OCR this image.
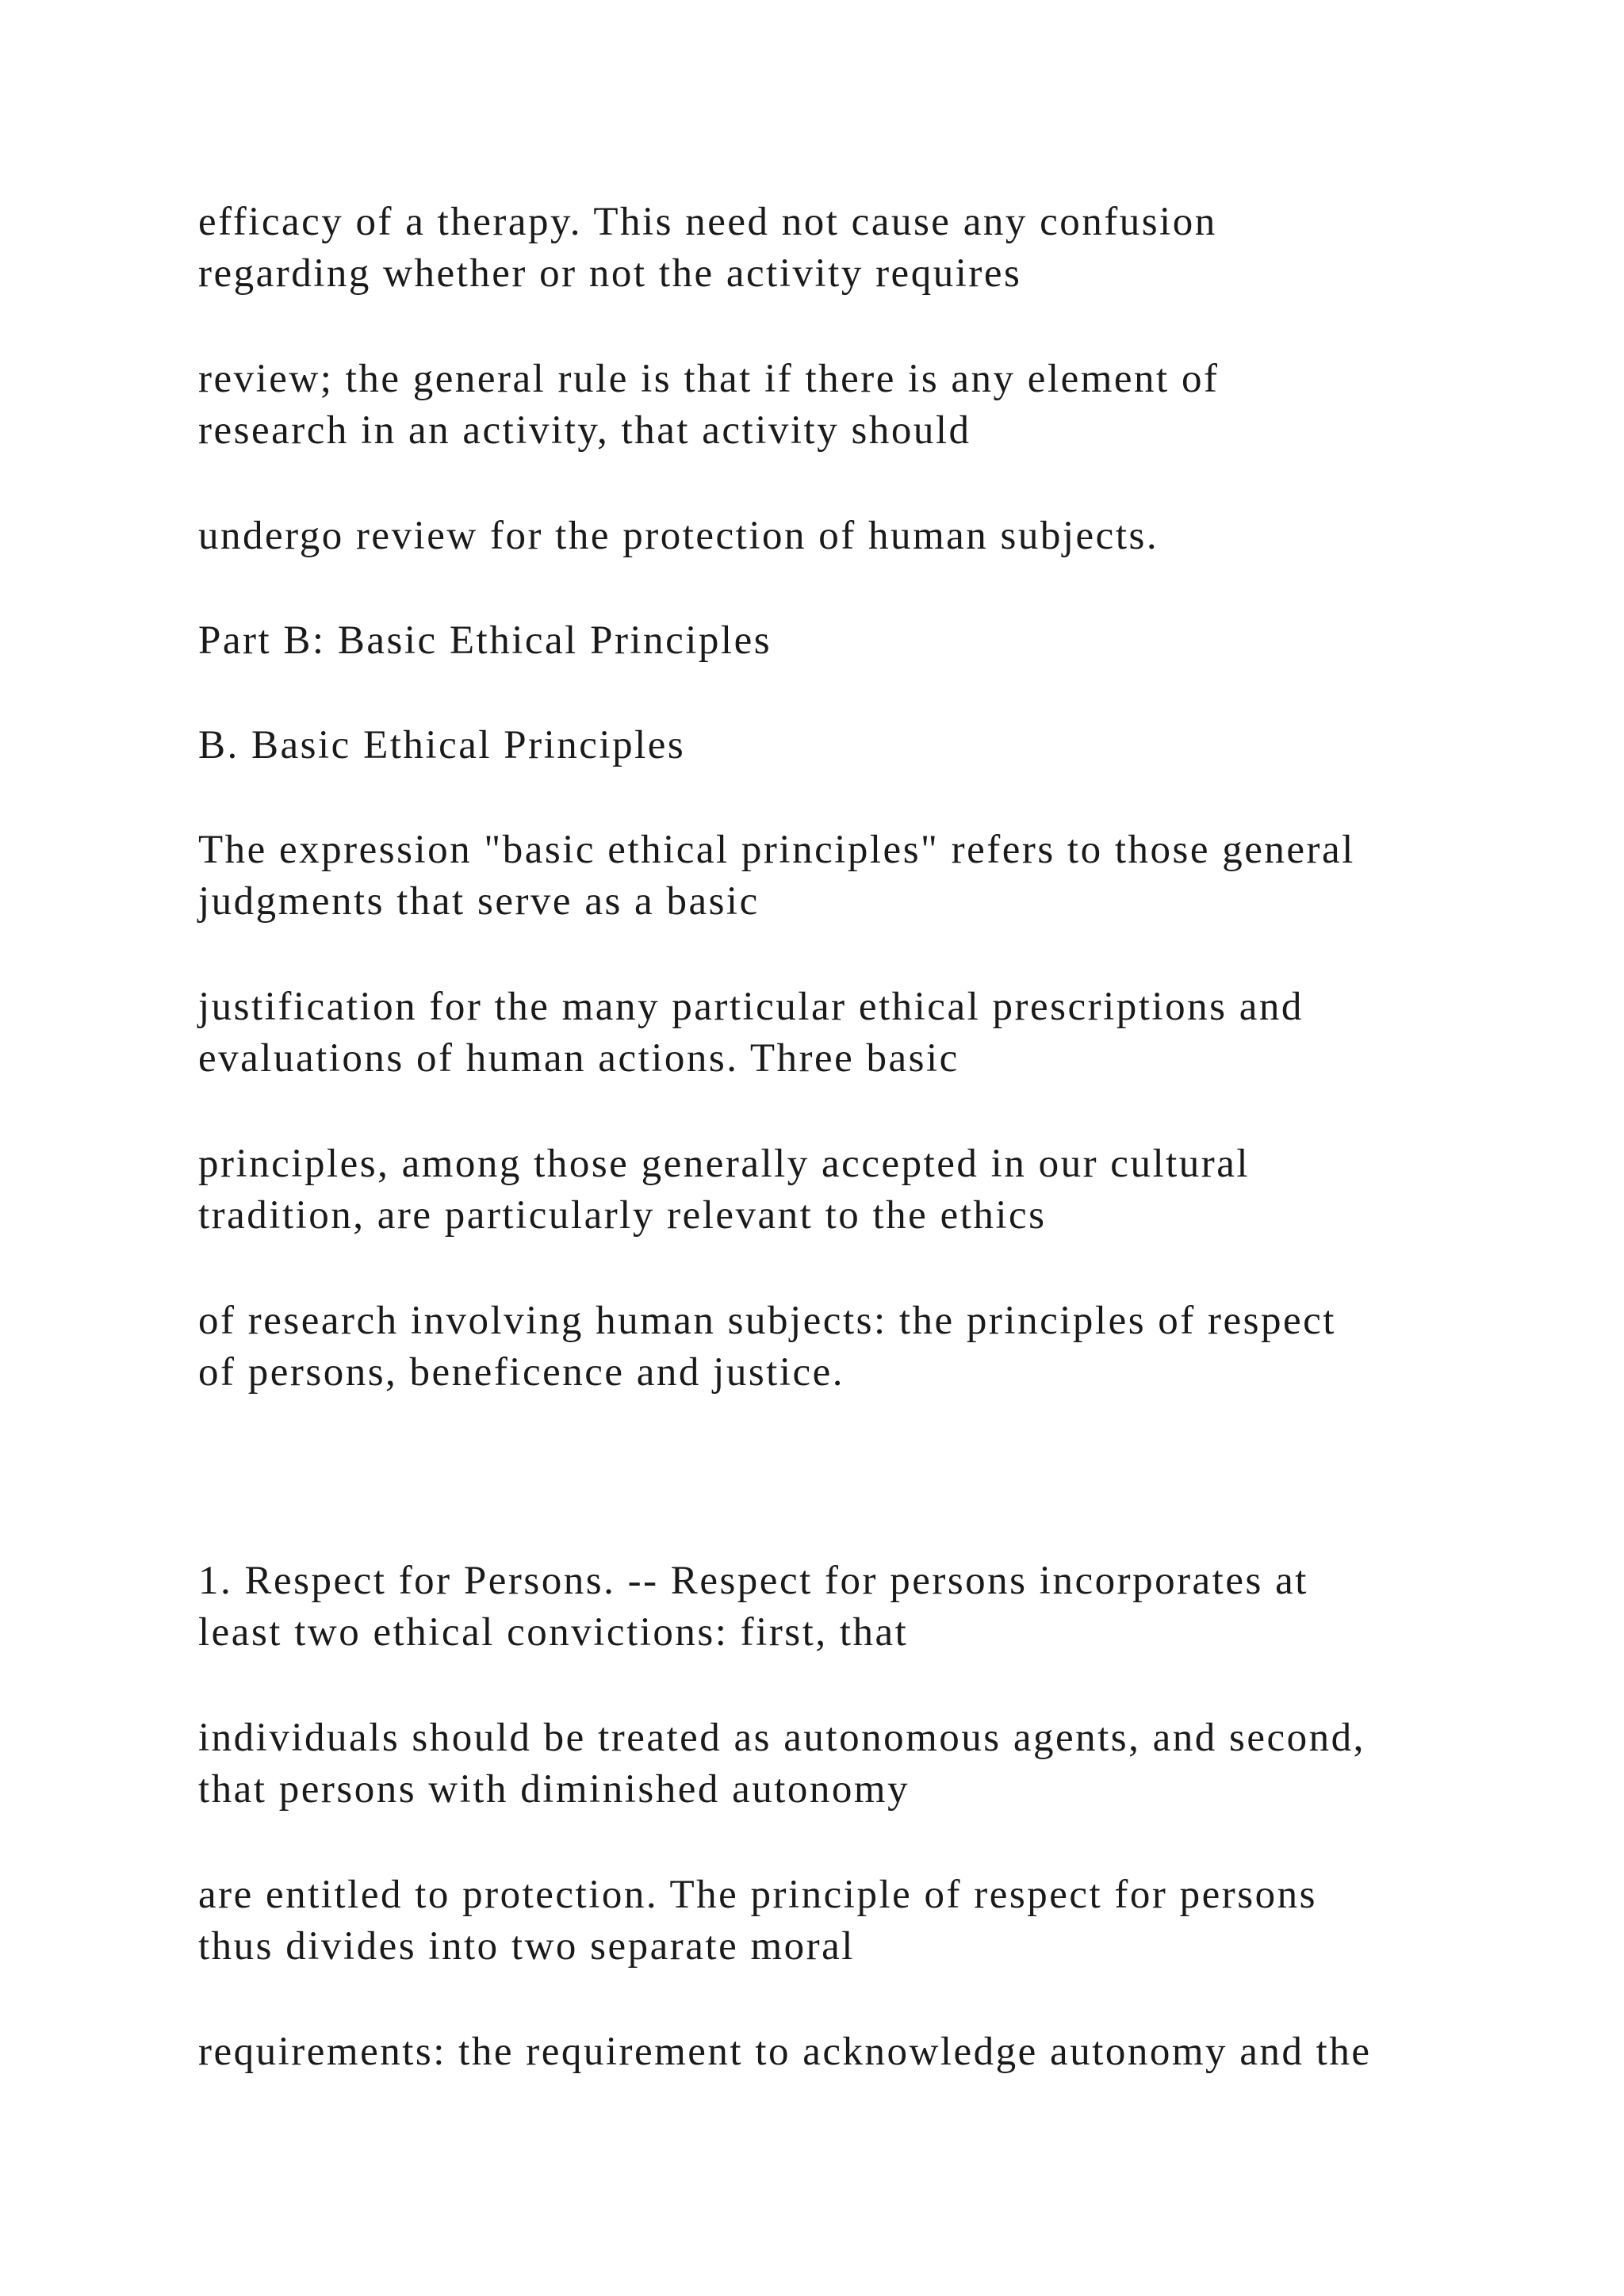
efficacy of a therapy. This need not cause any confusion
regarding whether or not the activity requires

review; the general rule is that if there is any element of
research in an activity, that activity should

undergo review for the protection of human subjects.

Part B: Basic Ethical Principles

B. Basic Ethical Principles

The expression "basic ethical principles" refers to those general
judgments that serve as a basic

justification for the many particular ethical prescriptions and
evaluations of human actions. Three basic

principles, among those generally accepted in our cultural
tradition, are particularly relevant to the ethics

of research involving human subjects: the principles of respect
of persons, beneficence and justice.

1. Respect for Persons. -- Respect for persons incorporates at
least two ethical convictions: first, that

individuals should be treated as autonomous agents, and second,
that persons with diminished autonomy

are entitled to protection. The principle of respect for persons
thus divides into two separate moral

requirements: the requirement to acknowledge autonomy and the
